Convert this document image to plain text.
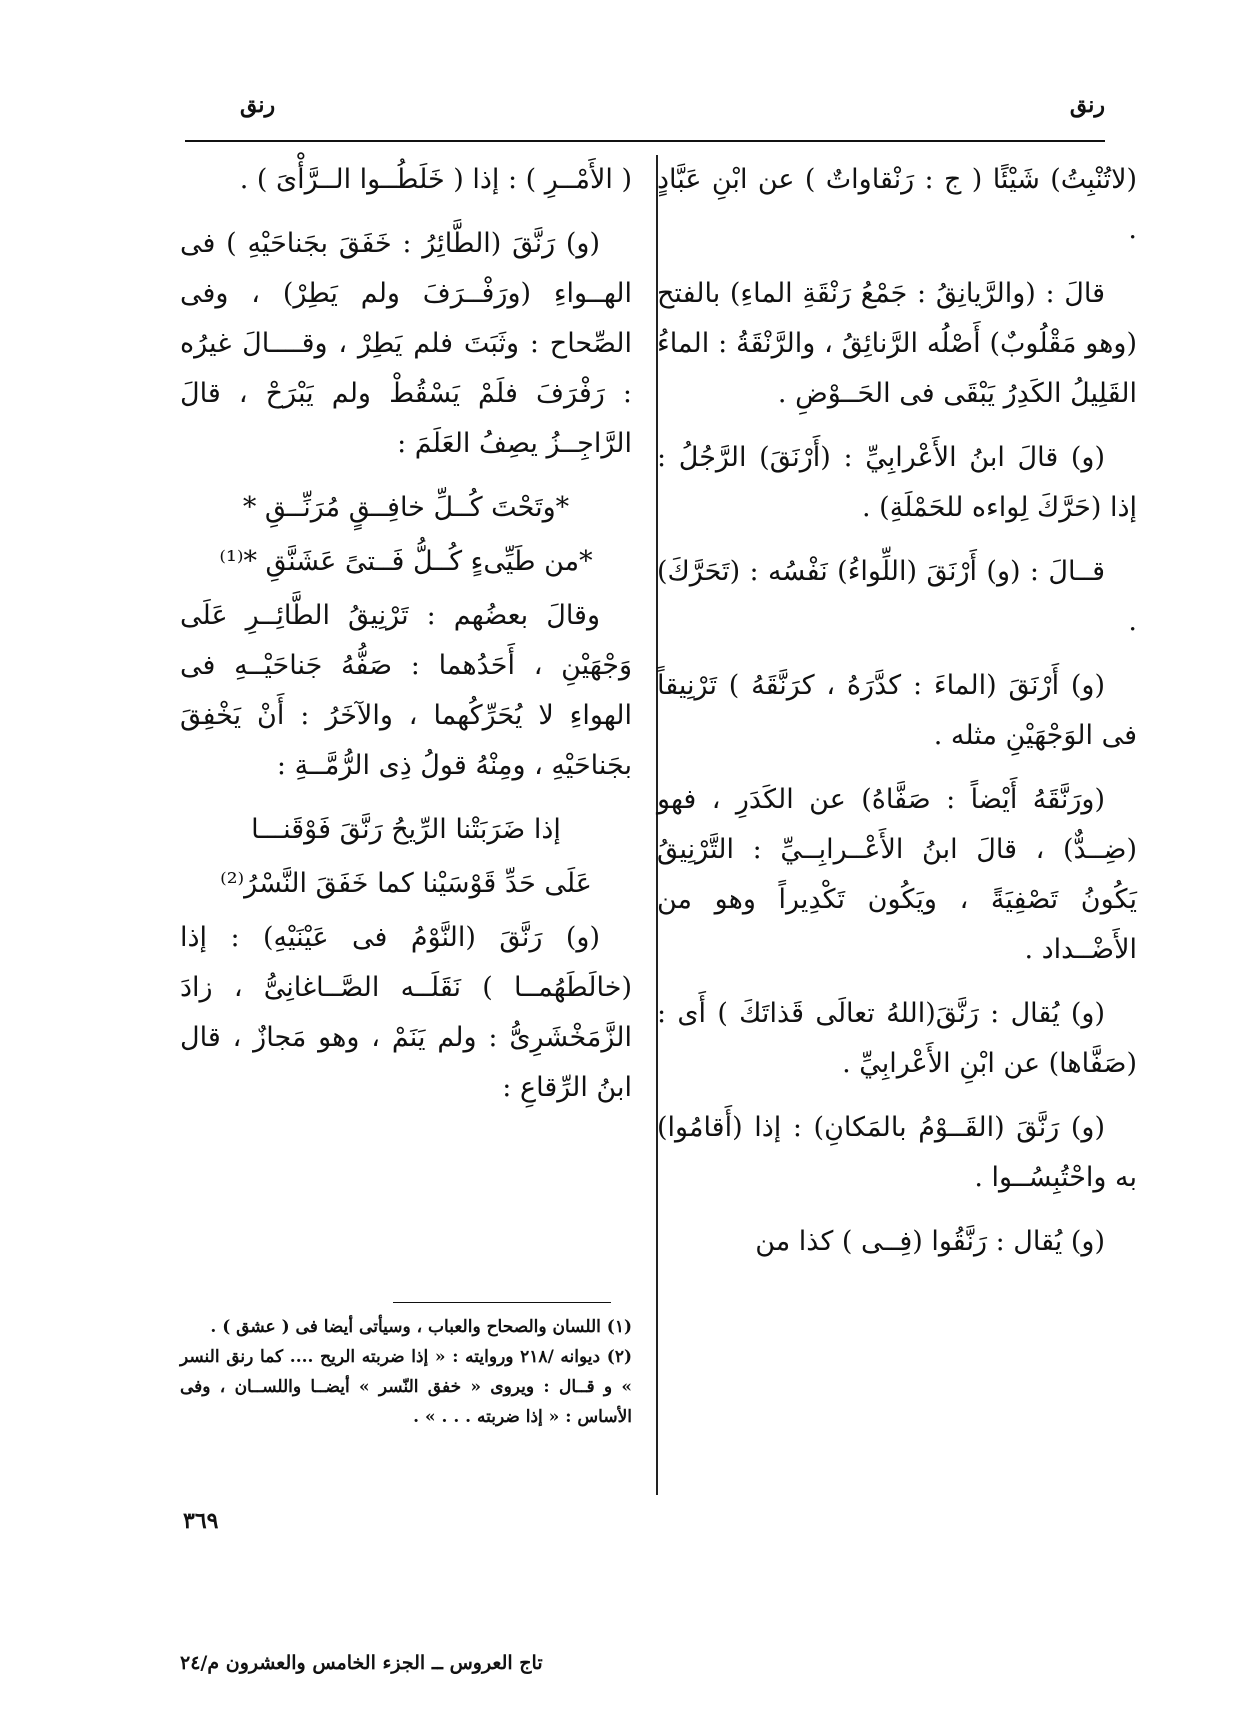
رنق
رنق

(لاتُنْبِتُ) شَيْئًا ( ج : رَنْقاواتٌ ) عن ابْنِ عَبَّادٍ .

قالَ : (والرَّيانِقُ : جَمْعُ رَنْقَةِ الماءِ) بالفتح (وهو مَقْلُوبٌ) أَصْلُه الرَّنائِقُ ، والرَّنْقَةُ : الماءُ القَلِيلُ الكَدِرُ يَبْقَى فى الحَــوْضِ .

(و) قالَ ابنُ الأَعْرابِيِّ : (أَرْنَقَ) الرَّجُلُ : إذا (حَرَّكَ لِواءه للحَمْلَةِ) .

قــالَ : (و) أَرْنَقَ (اللِّواءُ) نَفْسُه : (تَحَرَّكَ) .

(و) أَرْنَقَ (الماءَ : كدَّرَهُ ، كرَنَّقَهُ ) تَرْنِيقاً فى الوَجْهَيْنِ مثله .

(ورَنَّقَهُ أَيْضاً : صَفَّاهُ) عن الكَدَرِ ، فهو (ضِــدٌّ) ، قالَ ابنُ الأَعْــرابِــيِّ : التَّرْنِيقُ يَكُونُ تَصْفِيَةً ، ويَكُون تَكْدِيراً وهو من الأَضْــداد .

(و) يُقال : رَنَّقَ(اللهُ تعالَى قَذاتَكَ ) أَى : (صَفَّاها) عن ابْنِ الأَعْرابِيِّ .

(و) رَنَّقَ (القَــوْمُ بالمَكانِ) : إذا (أَقامُوا) به واحْتُبِسُــوا .

(و) يُقال : رَنَّقُوا (فِــى ) كذا من

( الأَمْــرِ ) : إذا ( خَلَطُــوا الــرَّأْىَ ) .

(و) رَنَّقَ (الطَّائِرُ : خَفَقَ بجَناحَيْهِ ) فى الهــواءِ (ورَفْــرَفَ ولم يَطِرْ) ، وفى الصِّحاح : وثَبَتَ فلم يَطِرْ ، وقــــالَ غيرُه : رَفْرَفَ فلَمْ يَسْقُطْ ولم يَبْرَحْ ، قالَ الرَّاجِــزُ يصِفُ العَلَمَ :

*وتَحْتَ كُــلِّ خافِــقٍ مُرَنِّــقِ *

*من طَيِّىءٍ كُــلُّ فَــتىً عَشَنَّقِ *⁽¹⁾

وقالَ بعضُهم : تَرْنِيقُ الطَّائِــرِ عَلَى وَجْهَيْنِ ، أَحَدُهما : صَفُّهُ جَناحَيْــهِ فى الهواءِ لا يُحَرِّكُهما ، والآخَرُ : أَنْ يَخْفِقَ بجَناحَيْهِ ، ومِنْهُ قولُ ذِى الرُّمَّــةِ :

إذا ضَرَبَتْنا الرِّيحُ رَنَّقَ فَوْقَنـــا

عَلَى حَدِّ قَوْسَيْنا كما خَفَقَ النَّسْرُ⁽²⁾

(و) رَنَّقَ (النَّوْمُ فى عَيْنَيْهِ) : إذا (خالَطَهُمــا ) نَقَلَــه الصَّــاغانِىُّ ، زادَ الزَّمَخْشَرِىُّ : ولم يَنَمْ ، وهو مَجازٌ ، قال ابنُ الرِّقاعِ :

(١) اللسان والصحاح والعباب ، وسيأتى أيضا فى ( عشق ) .

(٢) ديوانه /٢١٨ وروايته : « إذا ضربته الريح .... كما رنق النسر » و قــال : ويروى « خفق النّسر » أيضــا واللســان ، وفى الأساس : « إذا ضربته . . . » .

٣٦٩
تاج العروس ــ الجزء الخامس والعشرون م/٢٤
